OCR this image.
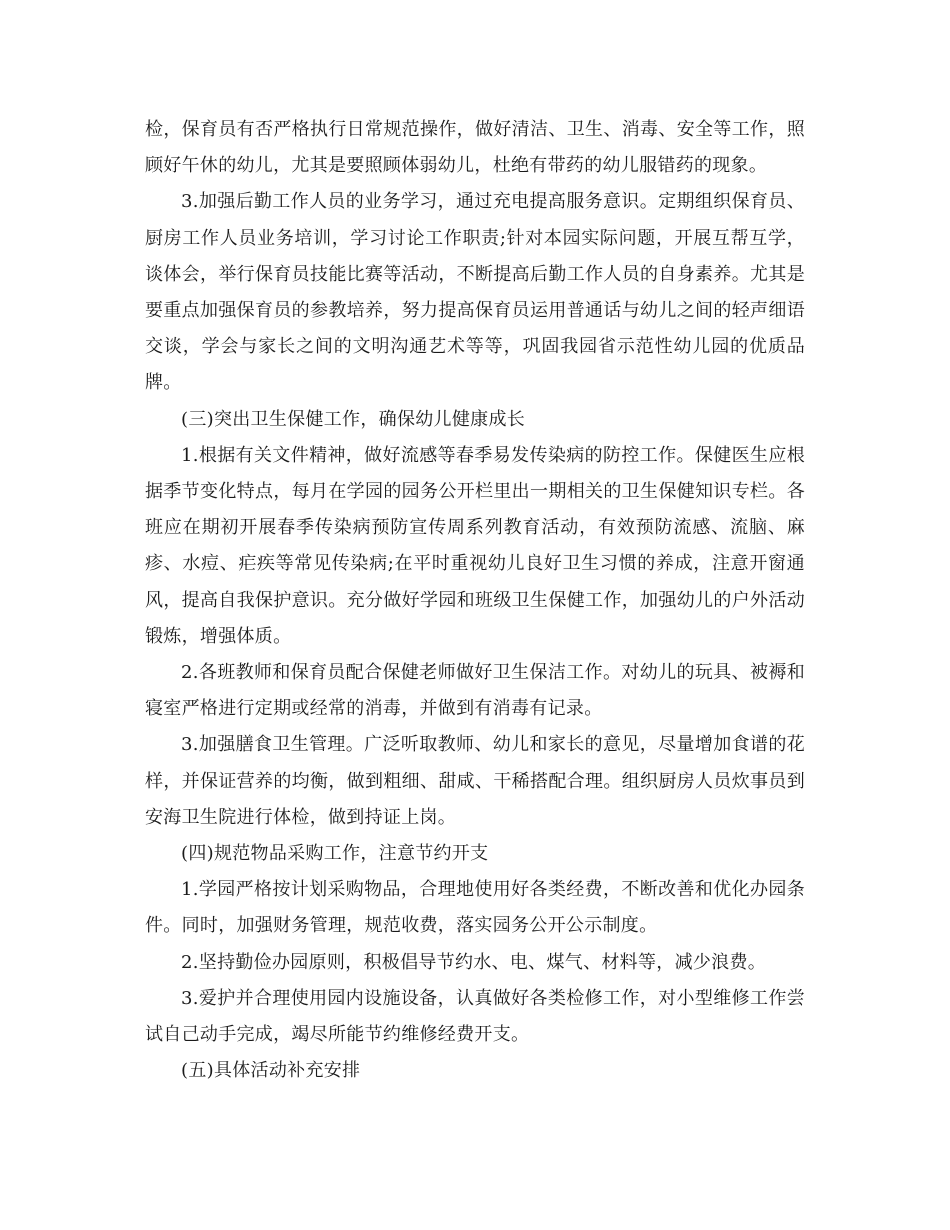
检，保育员有否严格执行日常规范操作，做好清洁、卫生、消毒、安全等工作，照顾好午休的幼儿，尤其是要照顾体弱幼儿，杜绝有带药的幼儿服错药的现象。

3.加强后勤工作人员的业务学习，通过充电提高服务意识。定期组织保育员、厨房工作人员业务培训，学习讨论工作职责;针对本园实际问题，开展互帮互学，谈体会，举行保育员技能比赛等活动，不断提高后勤工作人员的自身素养。尤其是要重点加强保育员的参教培养，努力提高保育员运用普通话与幼儿之间的轻声细语交谈，学会与家长之间的文明沟通艺术等等，巩固我园省示范性幼儿园的优质品牌。

(三)突出卫生保健工作，确保幼儿健康成长

1.根据有关文件精神，做好流感等春季易发传染病的防控工作。保健医生应根据季节变化特点，每月在学园的园务公开栏里出一期相关的卫生保健知识专栏。各班应在期初开展春季传染病预防宣传周系列教育活动，有效预防流感、流脑、麻疹、水痘、疟疾等常见传染病;在平时重视幼儿良好卫生习惯的养成，注意开窗通风，提高自我保护意识。充分做好学园和班级卫生保健工作，加强幼儿的户外活动锻炼，增强体质。

2.各班教师和保育员配合保健老师做好卫生保洁工作。对幼儿的玩具、被褥和寝室严格进行定期或经常的消毒，并做到有消毒有记录。

3.加强膳食卫生管理。广泛听取教师、幼儿和家长的意见，尽量增加食谱的花样，并保证营养的均衡，做到粗细、甜咸、干稀搭配合理。组织厨房人员炊事员到安海卫生院进行体检，做到持证上岗。

(四)规范物品采购工作，注意节约开支

1.学园严格按计划采购物品，合理地使用好各类经费，不断改善和优化办园条件。同时，加强财务管理，规范收费，落实园务公开公示制度。

2.坚持勤俭办园原则，积极倡导节约水、电、煤气、材料等，减少浪费。

3.爱护并合理使用园内设施设备，认真做好各类检修工作，对小型维修工作尝试自己动手完成，竭尽所能节约维修经费开支。

(五)具体活动补充安排
